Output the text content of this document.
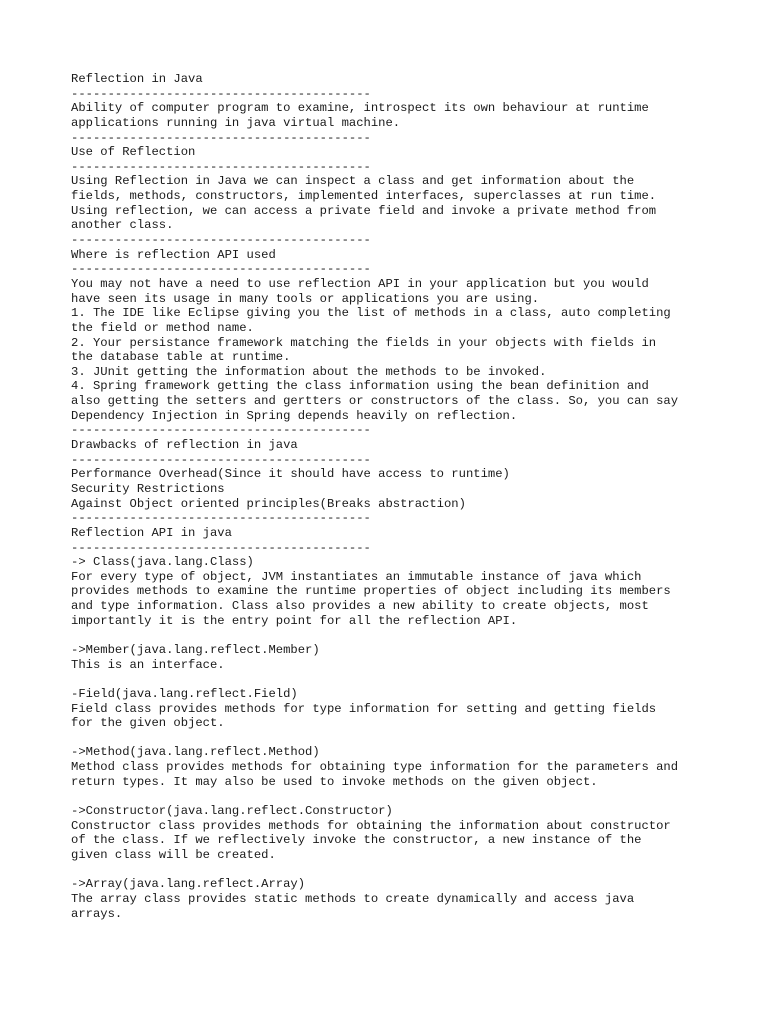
Reflection in Java
-----------------------------------------
Ability of computer program to examine, introspect its own behaviour at runtime
applications running in java virtual machine.
-----------------------------------------
Use of Reflection
-----------------------------------------
Using Reflection in Java we can inspect a class and get information about the
fields, methods, constructors, implemented interfaces, superclasses at run time.
Using reflection, we can access a private field and invoke a private method from
another class.
-----------------------------------------
Where is reflection API used
-----------------------------------------
You may not have a need to use reflection API in your application but you would
have seen its usage in many tools or applications you are using.
1. The IDE like Eclipse giving you the list of methods in a class, auto completing
the field or method name.
2. Your persistance framework matching the fields in your objects with fields in
the database table at runtime.
3. JUnit getting the information about the methods to be invoked.
4. Spring framework getting the class information using the bean definition and
also getting the setters and gertters or constructors of the class. So, you can say
Dependency Injection in Spring depends heavily on reflection.
-----------------------------------------
Drawbacks of reflection in java
-----------------------------------------
Performance Overhead(Since it should have access to runtime)
Security Restrictions
Against Object oriented principles(Breaks abstraction)
-----------------------------------------
Reflection API in java
-----------------------------------------
-> Class(java.lang.Class)
For every type of object, JVM instantiates an immutable instance of java which
provides methods to examine the runtime properties of object including its members
and type information. Class also provides a new ability to create objects, most
importantly it is the entry point for all the reflection API.
->Member(java.lang.reflect.Member)
This is an interface.
-Field(java.lang.reflect.Field)
Field class provides methods for type information for setting and getting fields
for the given object.
->Method(java.lang.reflect.Method)
Method class provides methods for obtaining type information for the parameters and
return types. It may also be used to invoke methods on the given object.
->Constructor(java.lang.reflect.Constructor)
Constructor class provides methods for obtaining the information about constructor
of the class. If we reflectively invoke the constructor, a new instance of the
given class will be created.
->Array(java.lang.reflect.Array)
The array class provides static methods to create dynamically and access java
arrays.
